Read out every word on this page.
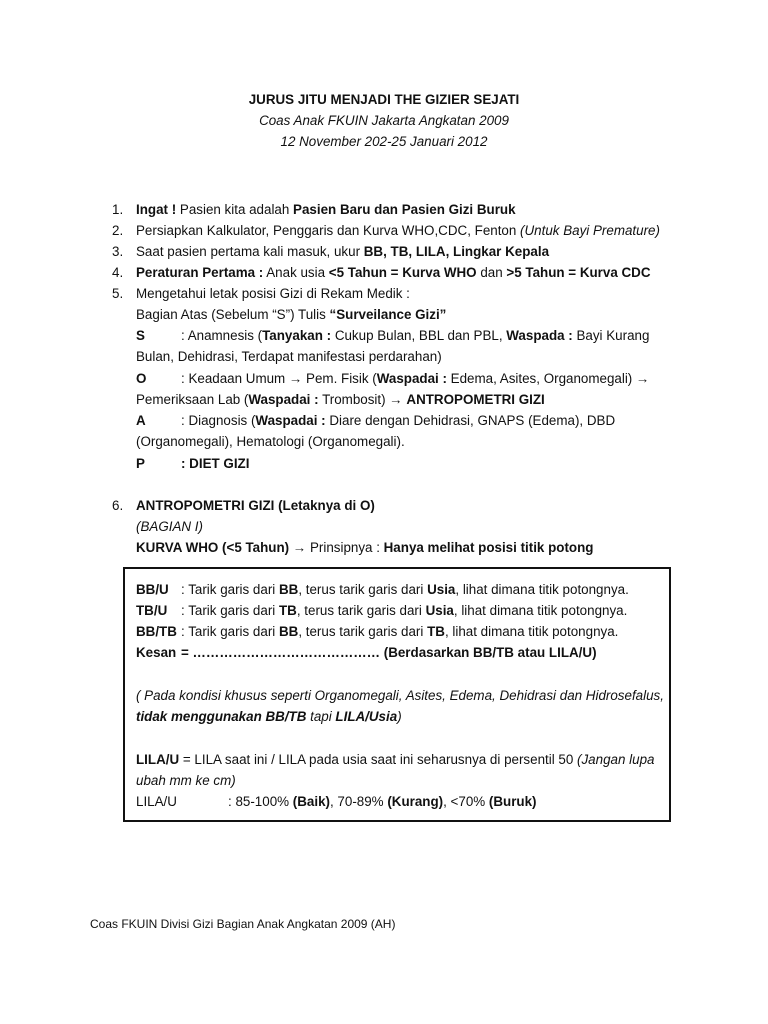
JURUS JITU MENJADI THE GIZIER SEJATI
Coas Anak FKUIN Jakarta Angkatan 2009
12 November 202-25 Januari 2012
1. Ingat ! Pasien kita adalah Pasien Baru dan Pasien Gizi Buruk
2. Persiapkan Kalkulator, Penggaris dan Kurva WHO,CDC, Fenton (Untuk Bayi Premature)
3. Saat pasien pertama kali masuk, ukur BB, TB, LILA, Lingkar Kepala
4. Peraturan Pertama : Anak usia <5 Tahun = Kurva WHO dan >5 Tahun = Kurva CDC
5. Mengetahui letak posisi Gizi di Rekam Medik :
Bagian Atas (Sebelum “S”) Tulis “Surveilance Gizi”
S	: Anamnesis (Tanyakan : Cukup Bulan, BBL dan PBL, Waspada : Bayi Kurang
Bulan, Dehidrasi, Terdapat manifestasi perdarahan)
O	: Keadaan Umum → Pem. Fisik (Waspadai : Edema, Asites, Organomegali) →
Pemeriksaan Lab (Waspadai : Trombosit) → ANTROPOMETRI GIZI
A	: Diagnosis (Waspadai : Diare dengan Dehidrasi, GNAPS (Edema), DBD
(Organomegali), Hematologi (Organomegali).
P	: DIET GIZI
6. ANTROPOMETRI GIZI (Letaknya di O)
(BAGIAN I)
KURVA WHO (<5 Tahun) → Prinsipnya : Hanya melihat posisi titik potong
BB/U : Tarik garis dari BB, terus tarik garis dari Usia, lihat dimana titik potongnya.
TB/U : Tarik garis dari TB, terus tarik garis dari Usia, lihat dimana titik potongnya.
BB/TB : Tarik garis dari BB, terus tarik garis dari TB, lihat dimana titik potongnya.
Kesan = …………………………………… (Berdasarkan BB/TB atau LILA/U)
( Pada kondisi khusus seperti Organomegali, Asites, Edema, Dehidrasi dan Hidrosefalus,
tidak menggunakan BB/TB tapi LILA/Usia)
LILA/U = LILA saat ini / LILA pada usia saat ini seharusnya di persentil 50 (Jangan lupa
ubah mm ke cm)
LILA/U	: 85-100% (Baik), 70-89% (Kurang), <70% (Buruk)
Coas FKUIN Divisi Gizi Bagian Anak Angkatan 2009 (AH)
